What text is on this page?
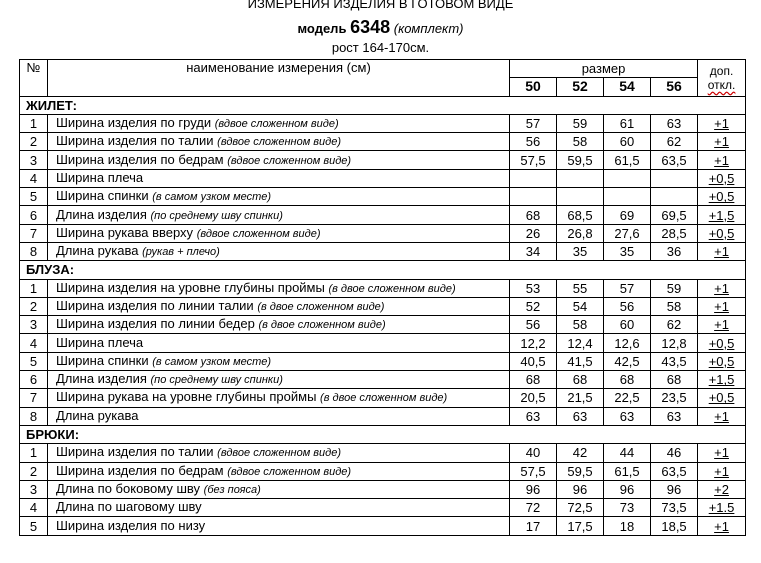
ИЗМЕРЕНИЯ ИЗДЕЛИЯ В ГОТОВОМ ВИДЕ
модель 6348 (комплект)
рост 164-170см.
№	наименование измерения (см)	размер				доп.
откл.

		50	52	54	56	
ЖИЛЕТ:						
1	Ширина изделия по груди (вдвое сложенном виде)	57	59	61	63	+1
2	Ширина изделия по талии (вдвое сложенном виде)	56	58	60	62	+1
3	Ширина изделия по бедрам (вдвое сложенном виде)	57,5	59,5	61,5	63,5	+1
4	Ширина плеча					+0,5
5	Ширина спинки (в самом узком месте)					+0,5
6	Длина изделия (по среднему шву спинки)	68	68,5	69	69,5	+1,5
7	Ширина рукава вверху (вдвое сложенном виде)	26	26,8	27,6	28,5	+0,5
8	Длина рукава (рукав + плечо)	34	35	35	36	+1
БЛУЗА:						
1	Ширина изделия на уровне глубины проймы (в двое сложенном виде)	53	55	57	59	+1
2	Ширина изделия по линии талии (в двое сложенном виде)	52	54	56	58	+1
3	Ширина изделия по линии бедер (в двое сложенном виде)	56	58	60	62	+1
4	Ширина плеча	12,2	12,4	12,6	12,8	+0,5
5	Ширина спинки (в самом узком месте)	40,5	41,5	42,5	43,5	+0,5
6	Длина изделия (по среднему шву спинки)	68	68	68	68	+1,5
7	Ширина рукава на уровне глубины проймы (в двое сложенном виде)	20,5	21,5	22,5	23,5	+0,5
8	Длина рукава	63	63	63	63	+1
БРЮКИ:						
1	Ширина изделия по талии (вдвое сложенном виде)	40	42	44	46	+1
2	Ширина изделия по бедрам (вдвое сложенном виде)	57,5	59,5	61,5	63,5	+1
3	Длина по боковому шву (без пояса)	96	96	96	96	+2
4	Длина по шаговому шву	72	72,5	73	73,5	+1.5
5	Ширина изделия по низу	17	17,5	18	18,5	+1
